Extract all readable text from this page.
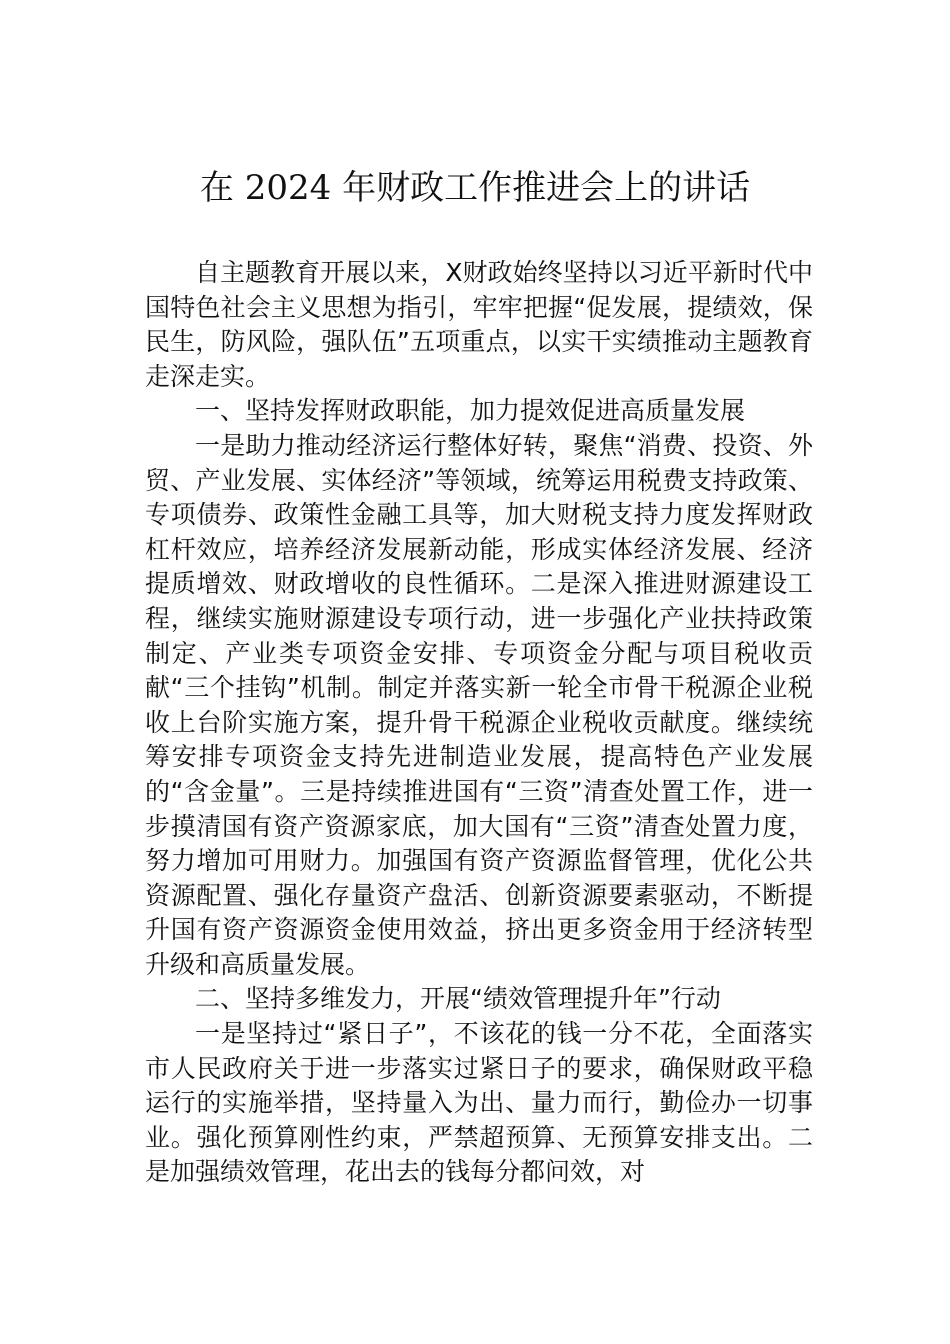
在 2024 年财政工作推进会上的讲话

自主题教育开展以来，X财政始终坚持以习近平新时代中国特色社会主义思想为指引，牢牢把握“促发展，提绩效，保民生，防风险，强队伍”五项重点，以实干实绩推动主题教育走深走实。

一、坚持发挥财政职能，加力提效促进高质量发展

一是助力推动经济运行整体好转，聚焦“消费、投资、外贸、产业发展、实体经济”等领域，统筹运用税费支持政策、专项债券、政策性金融工具等，加大财税支持力度发挥财政杠杆效应，培养经济发展新动能，形成实体经济发展、经济提质增效、财政增收的良性循环。二是深入推进财源建设工程，继续实施财源建设专项行动，进一步强化产业扶持政策制定、产业类专项资金安排、专项资金分配与项目税收贡献“三个挂钩”机制。制定并落实新一轮全市骨干税源企业税收上台阶实施方案，提升骨干税源企业税收贡献度。继续统筹安排专项资金支持先进制造业发展，提高特色产业发展的“含金量”。三是持续推进国有“三资”清查处置工作，进一步摸清国有资产资源家底，加大国有“三资”清查处置力度，努力增加可用财力。加强国有资产资源监督管理，优化公共资源配置、强化存量资产盘活、创新资源要素驱动，不断提升国有资产资源资金使用效益，挤出更多资金用于经济转型升级和高质量发展。

二、坚持多维发力，开展“绩效管理提升年”行动

一是坚持过“紧日子”，不该花的钱一分不花，全面落实市人民政府关于进一步落实过紧日子的要求，确保财政平稳运行的实施举措，坚持量入为出、量力而行，勤俭办一切事业。强化预算刚性约束，严禁超预算、无预算安排支出。二是加强绩效管理，花出去的钱每分都问效，对
